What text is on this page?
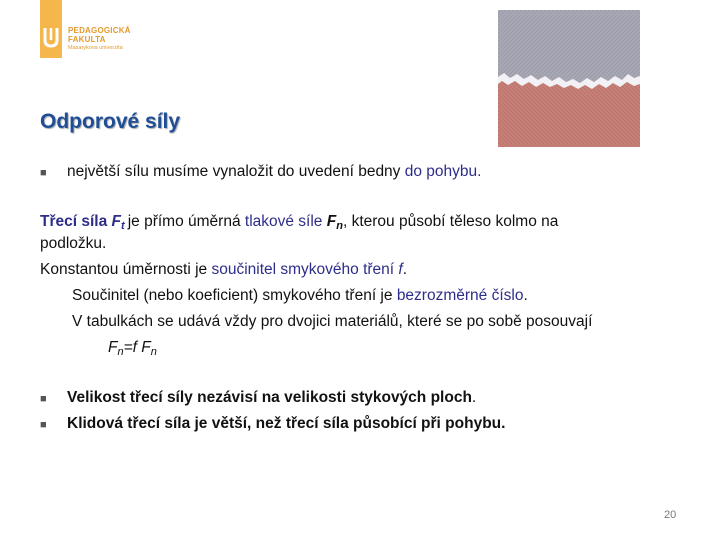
PEDAGOGICKÁ
FAKULTA
Masarykova univerzita
Odporové síly
■ největší sílu musíme vynaložit do uvedení bedny do pohybu.
Třecí síla $F_t$ je přímo úměrná tlakové síle $F_n$, kterou působí těleso kolmo na
podložku.
Konstantou úměrnosti je součinitel smykového tření f.
Součinitel (nebo koeficient) smykového tření je bezrozměrné číslo.
V tabulkách se udává vždy pro dvojici materiálů, které se po sobě posouvají
$F_n=f$ $F_n$
■ Velikost třecí síly nezávisí na velikosti stykových ploch.
■ Klidová třecí síla je větší, než třecí síla působící při pohybu.
20
